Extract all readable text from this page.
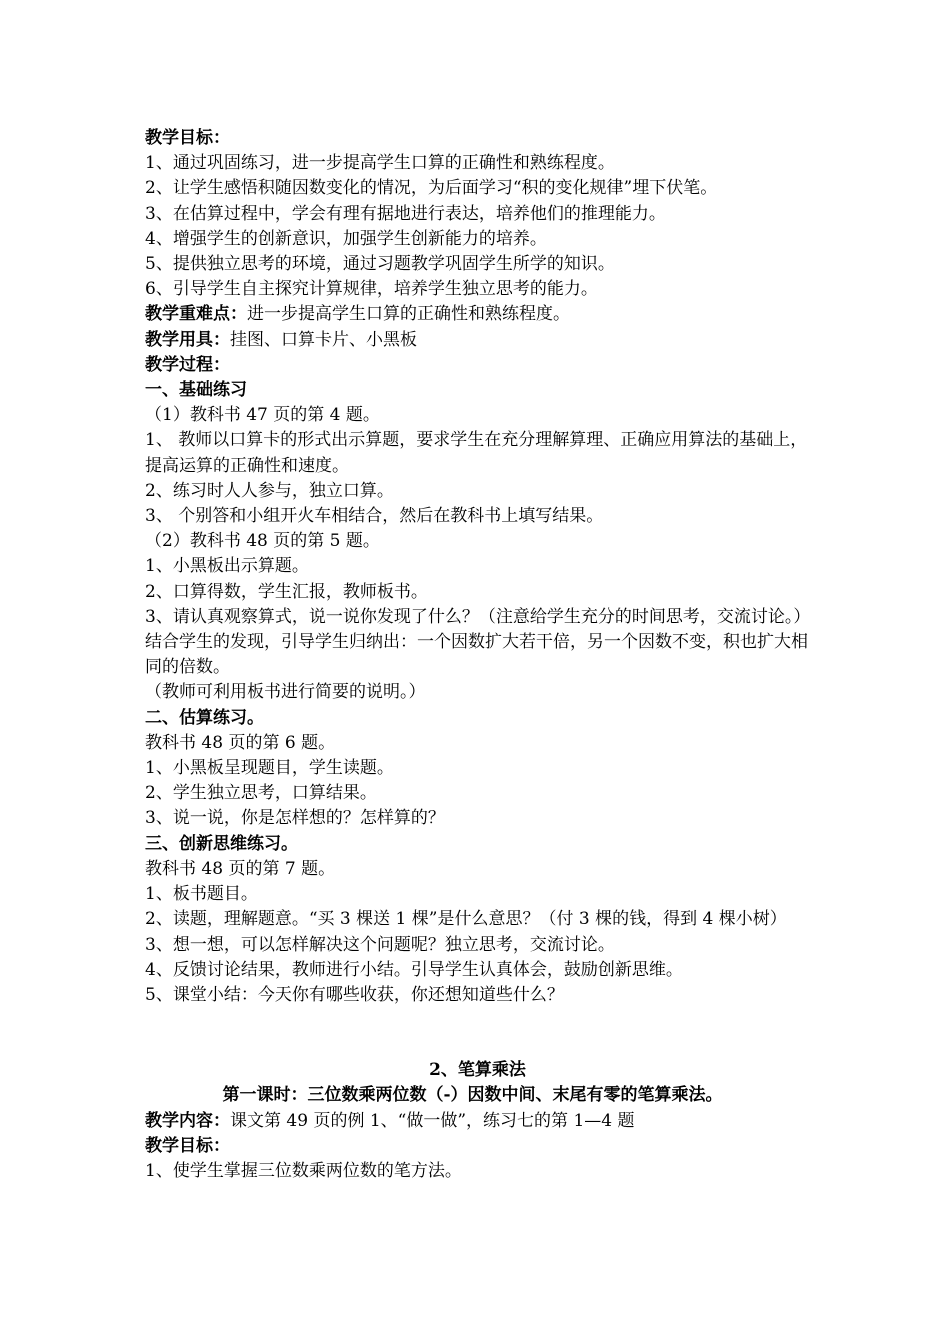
教学目标：
1、通过巩固练习，进一步提高学生口算的正确性和熟练程度。
2、让学生感悟积随因数变化的情况，为后面学习“积的变化规律”埋下伏笔。
3、在估算过程中，学会有理有据地进行表达，培养他们的推理能力。
4、增强学生的创新意识，加强学生创新能力的培养。
5、提供独立思考的环境，通过习题教学巩固学生所学的知识。
6、引导学生自主探究计算规律，培养学生独立思考的能力。
教学重难点：进一步提高学生口算的正确性和熟练程度。
教学用具：挂图、口算卡片、小黑板
教学过程：
一、基础练习
（1）教科书 47 页的第 4 题。
1、 教师以口算卡的形式出示算题，要求学生在充分理解算理、正确应用算法的基础上，提高运算的正确性和速度。
2、练习时人人参与，独立口算。
3、 个别答和小组开火车相结合，然后在教科书上填写结果。
（2）教科书 48 页的第 5 题。
1、小黑板出示算题。
2、口算得数，学生汇报，教师板书。
3、请认真观察算式，说一说你发现了什么？（注意给学生充分的时间思考，交流讨论。）
结合学生的发现，引导学生归纳出：一个因数扩大若干倍，另一个因数不变，积也扩大相同的倍数。
（教师可利用板书进行简要的说明。）
二、估算练习。
教科书 48 页的第 6 题。
1、小黑板呈现题目，学生读题。
2、学生独立思考，口算结果。
3、说一说，你是怎样想的？怎样算的？
三、创新思维练习。
教科书 48 页的第 7 题。
1、板书题目。
2、读题，理解题意。“买 3 棵送 1 棵”是什么意思？（付 3 棵的钱，得到 4 棵小树）
3、想一想，可以怎样解决这个问题呢？独立思考，交流讨论。
4、反馈讨论结果，教师进行小结。引导学生认真体会，鼓励创新思维。
5、课堂小结：今天你有哪些收获，你还想知道些什么？
2、笔算乘法
第一课时：三位数乘两位数（-）因数中间、末尾有零的笔算乘法。
教学内容：课文第 49 页的例 1、“做一做”，练习七的第 1—4 题
教学目标：
1、使学生掌握三位数乘两位数的笔方法。
